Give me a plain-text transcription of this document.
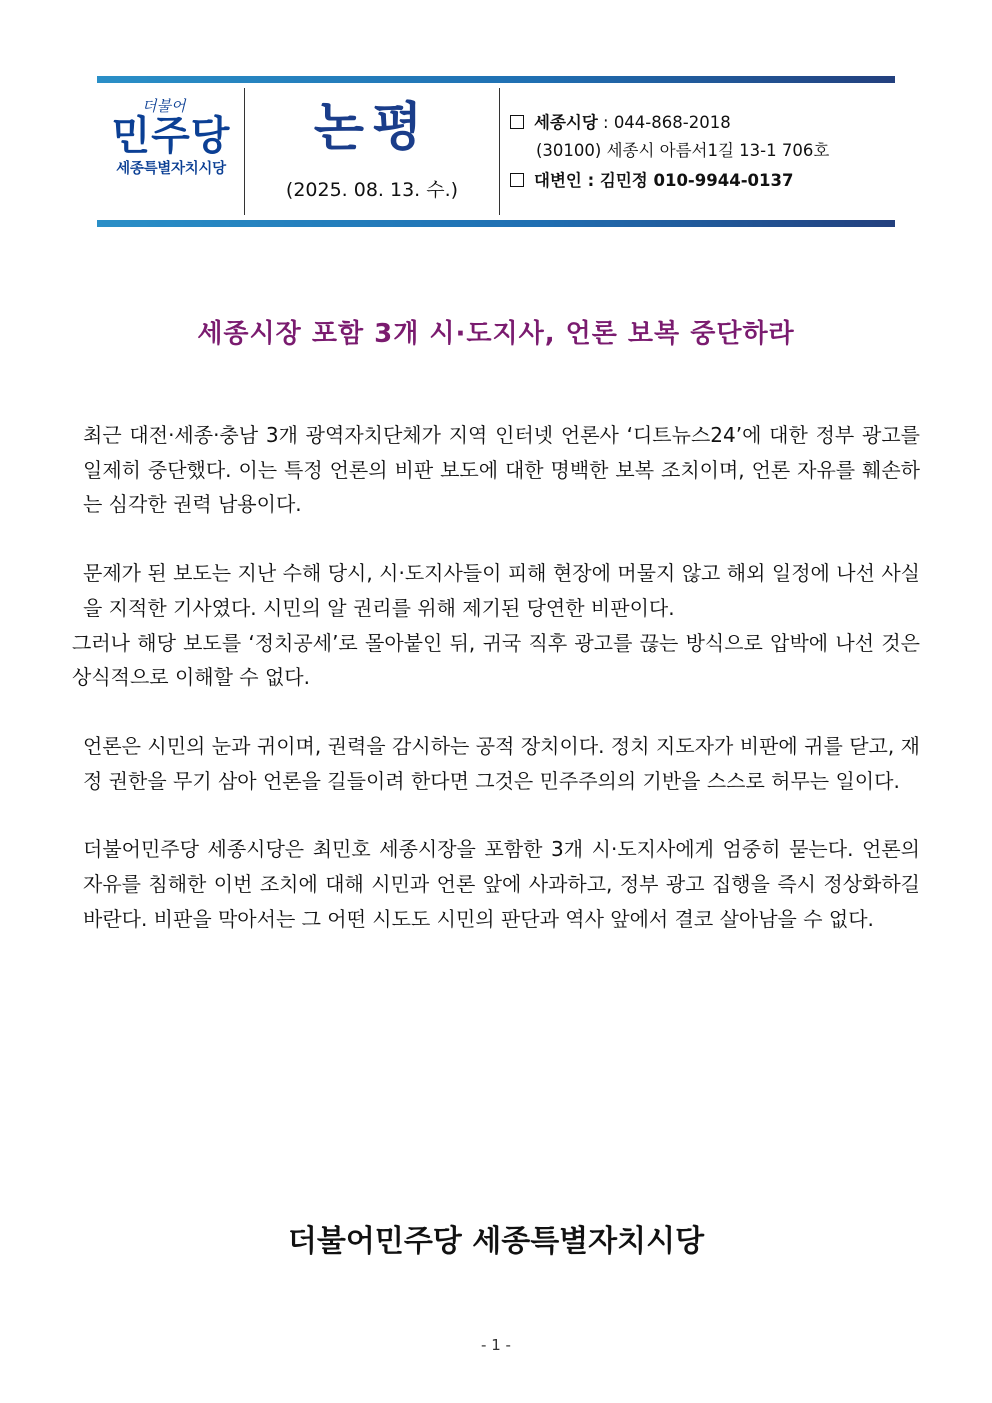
더불어
민주당
세종특별자치시당
논평
(2025. 08. 13. 수.)
세종시당 : 044-868-2018
(30100) 세종시 아름서1길 13-1 706호
대변인 : 김민정 010-9944-0137
세종시장 포함 3개 시·도지사, 언론 보복 중단하라

최근 대전·세종·충남 3개 광역자치단체가 지역 인터넷 언론사 ‘디트뉴스24’에 대한 정부 광고를 일제히 중단했다. 이는 특정 언론의 비판 보도에 대한 명백한 보복 조치이며, 언론 자유를 훼손하는 심각한 권력 남용이다.

문제가 된 보도는 지난 수해 당시, 시·도지사들이 피해 현장에 머물지 않고 해외 일정에 나선 사실을 지적한 기사였다. 시민의 알 권리를 위해 제기된 당연한 비판이다.

그러나 해당 보도를 ‘정치공세’로 몰아붙인 뒤, 귀국 직후 광고를 끊는 방식으로 압박에 나선 것은 상식적으로 이해할 수 없다.

언론은 시민의 눈과 귀이며, 권력을 감시하는 공적 장치이다. 정치 지도자가 비판에 귀를 닫고, 재정 권한을 무기 삼아 언론을 길들이려 한다면 그것은 민주주의의 기반을 스스로 허무는 일이다.

더불어민주당 세종시당은 최민호 세종시장을 포함한 3개 시·도지사에게 엄중히 묻는다. 언론의 자유를 침해한 이번 조치에 대해 시민과 언론 앞에 사과하고, 정부 광고 집행을 즉시 정상화하길 바란다. 비판을 막아서는 그 어떤 시도도 시민의 판단과 역사 앞에서 결코 살아남을 수 없다.

더불어민주당 세종특별자치시당
- 1 -
